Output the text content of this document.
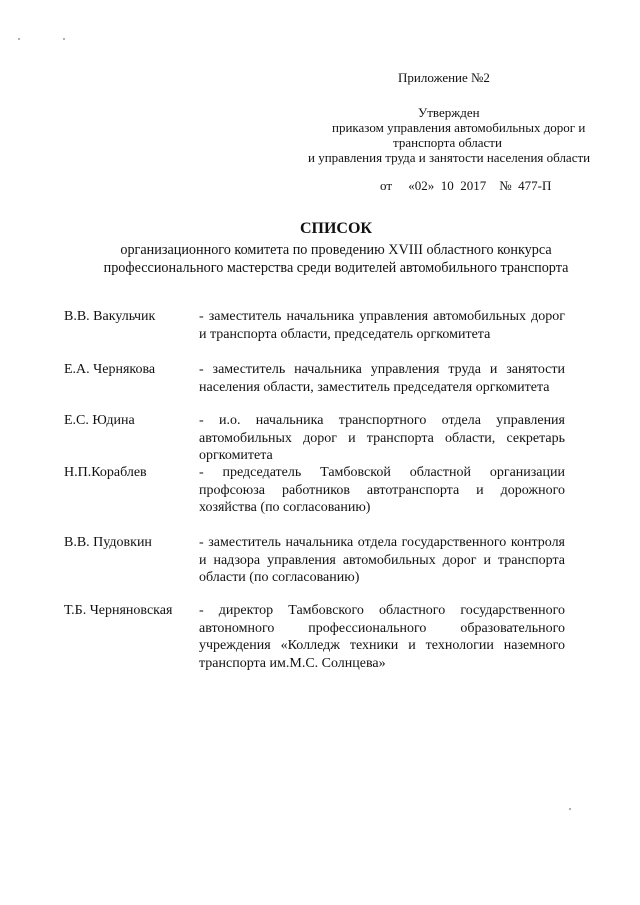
Приложение №2
Утвержден
приказом управления автомобильных дорог и
транспорта области
и управления труда и занятости населения области
от     «02»  10  2017    №  477-П
СПИСОК
организационного комитета по проведению XVIII областного конкурса
профессионального мастерства среди водителей автомобильного транспорта
В.В. Вакульчик	- заместитель начальника управления автомобильных дорог и транспорта области, председатель оргкомитета
Е.А. Чернякова	- заместитель начальника управления труда и занятости населения области, заместитель председателя оргкомитета
Е.С. Юдина	- и.о. начальника транспортного отдела управления автомобильных дорог и транспорта области, секретарь оргкомитета
Н.П.Кораблев	- председатель Тамбовской областной организации профсоюза работников автотранспорта и дорожного хозяйства (по согласованию)
В.В. Пудовкин	- заместитель начальника отдела государственного контроля и надзора управления автомобильных дорог и транспорта области (по согласованию)
Т.Б. Черняновская	- директор Тамбовского областного государственного автономного профессионального образовательного учреждения «Колледж техники и технологии наземного транспорта им.М.С. Солнцева»
